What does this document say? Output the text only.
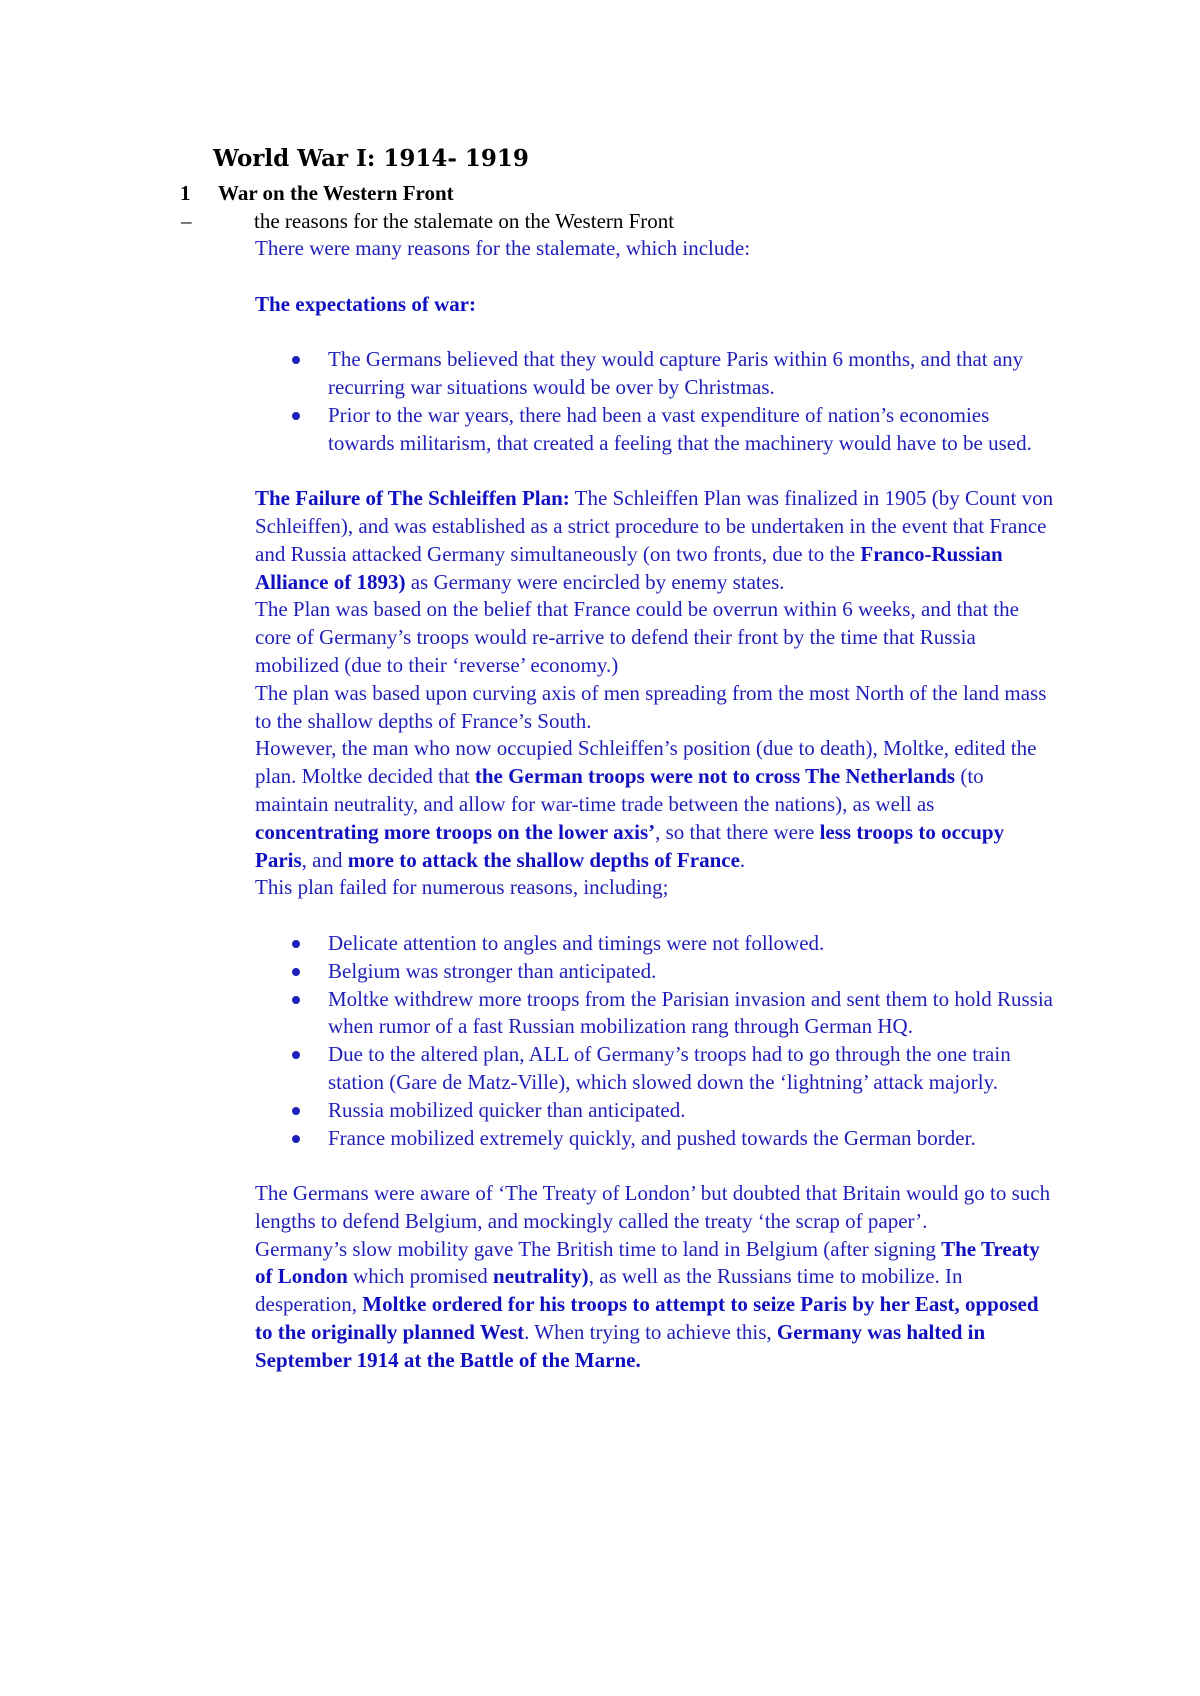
World War I: 1914- 1919
1 War on the Western Front
–	the reasons for the stalemate on the Western Front

There were many reasons for the stalemate, which include:

The expectations of war:

The Germans believed that they would capture Paris within 6 months, and that any recurring war situations would be over by Christmas.
Prior to the war years, there had been a vast expenditure of nation’s economies towards militarism, that created a feeling that the machinery would have to be used.

The Failure of The Schleiffen Plan: The Schleiffen Plan was finalized in 1905 (by Count von Schleiffen), and was established as a strict procedure to be undertaken in the event that France and Russia attacked Germany simultaneously (on two fronts, due to the Franco-Russian Alliance of 1893) as Germany were encircled by enemy states.

The Plan was based on the belief that France could be overrun within 6 weeks, and that the core of Germany’s troops would re-arrive to defend their front by the time that Russia mobilized (due to their ‘reverse’ economy.)

The plan was based upon curving axis of men spreading from the most North of the land mass to the shallow depths of France’s South.

However, the man who now occupied Schleiffen’s position (due to death), Moltke, edited the plan. Moltke decided that the German troops were not to cross The Netherlands (to maintain neutrality, and allow for war-time trade between the nations), as well as concentrating more troops on the lower axis’, so that there were less troops to occupy Paris, and more to attack the shallow depths of France.

This plan failed for numerous reasons, including;

Delicate attention to angles and timings were not followed.
Belgium was stronger than anticipated.
Moltke withdrew more troops from the Parisian invasion and sent them to hold Russia when rumor of a fast Russian mobilization rang through German HQ.
Due to the altered plan, ALL of Germany’s troops had to go through the one train station (Gare de Matz-Ville), which slowed down the ‘lightning’ attack majorly.
Russia mobilized quicker than anticipated.
France mobilized extremely quickly, and pushed towards the German border.

The Germans were aware of ‘The Treaty of London’ but doubted that Britain would go to such lengths to defend Belgium, and mockingly called the treaty ‘the scrap of paper’.

Germany’s slow mobility gave The British time to land in Belgium (after signing The Treaty of London which promised neutrality), as well as the Russians time to mobilize. In desperation, Moltke ordered for his troops to attempt to seize Paris by her East, opposed to the originally planned West. When trying to achieve this, Germany was halted in September 1914 at the Battle of the Marne.
